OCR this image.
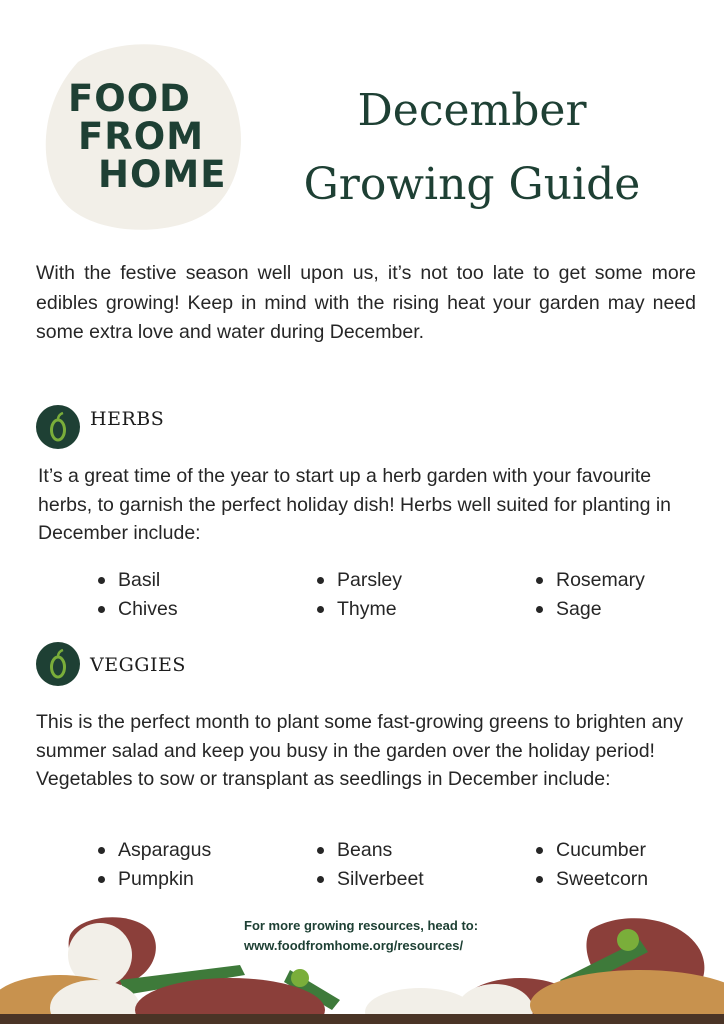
FOOD
FROM
HOME
December
Growing Guide
With the festive season well upon us, it’s not too late to get some more edibles growing! Keep in mind with the rising heat your garden may need some extra love and water during December.
HERBS
It’s a great time of the year to start up a herb garden with your favourite herbs, to garnish the perfect holiday dish! Herbs well suited for planting in December include:
Basil	Parsley	Rosemary
Chives	Thyme	Sage
VEGGIES
This is the perfect month to plant some fast-growing greens to brighten any summer salad and keep you busy in the garden over the holiday period! Vegetables to sow or transplant as seedlings in December include:
Asparagus	Beans	Cucumber
Pumpkin	Silverbeet	Sweetcorn
For more growing resources, head to:
www.foodfromhome.org/resources/
